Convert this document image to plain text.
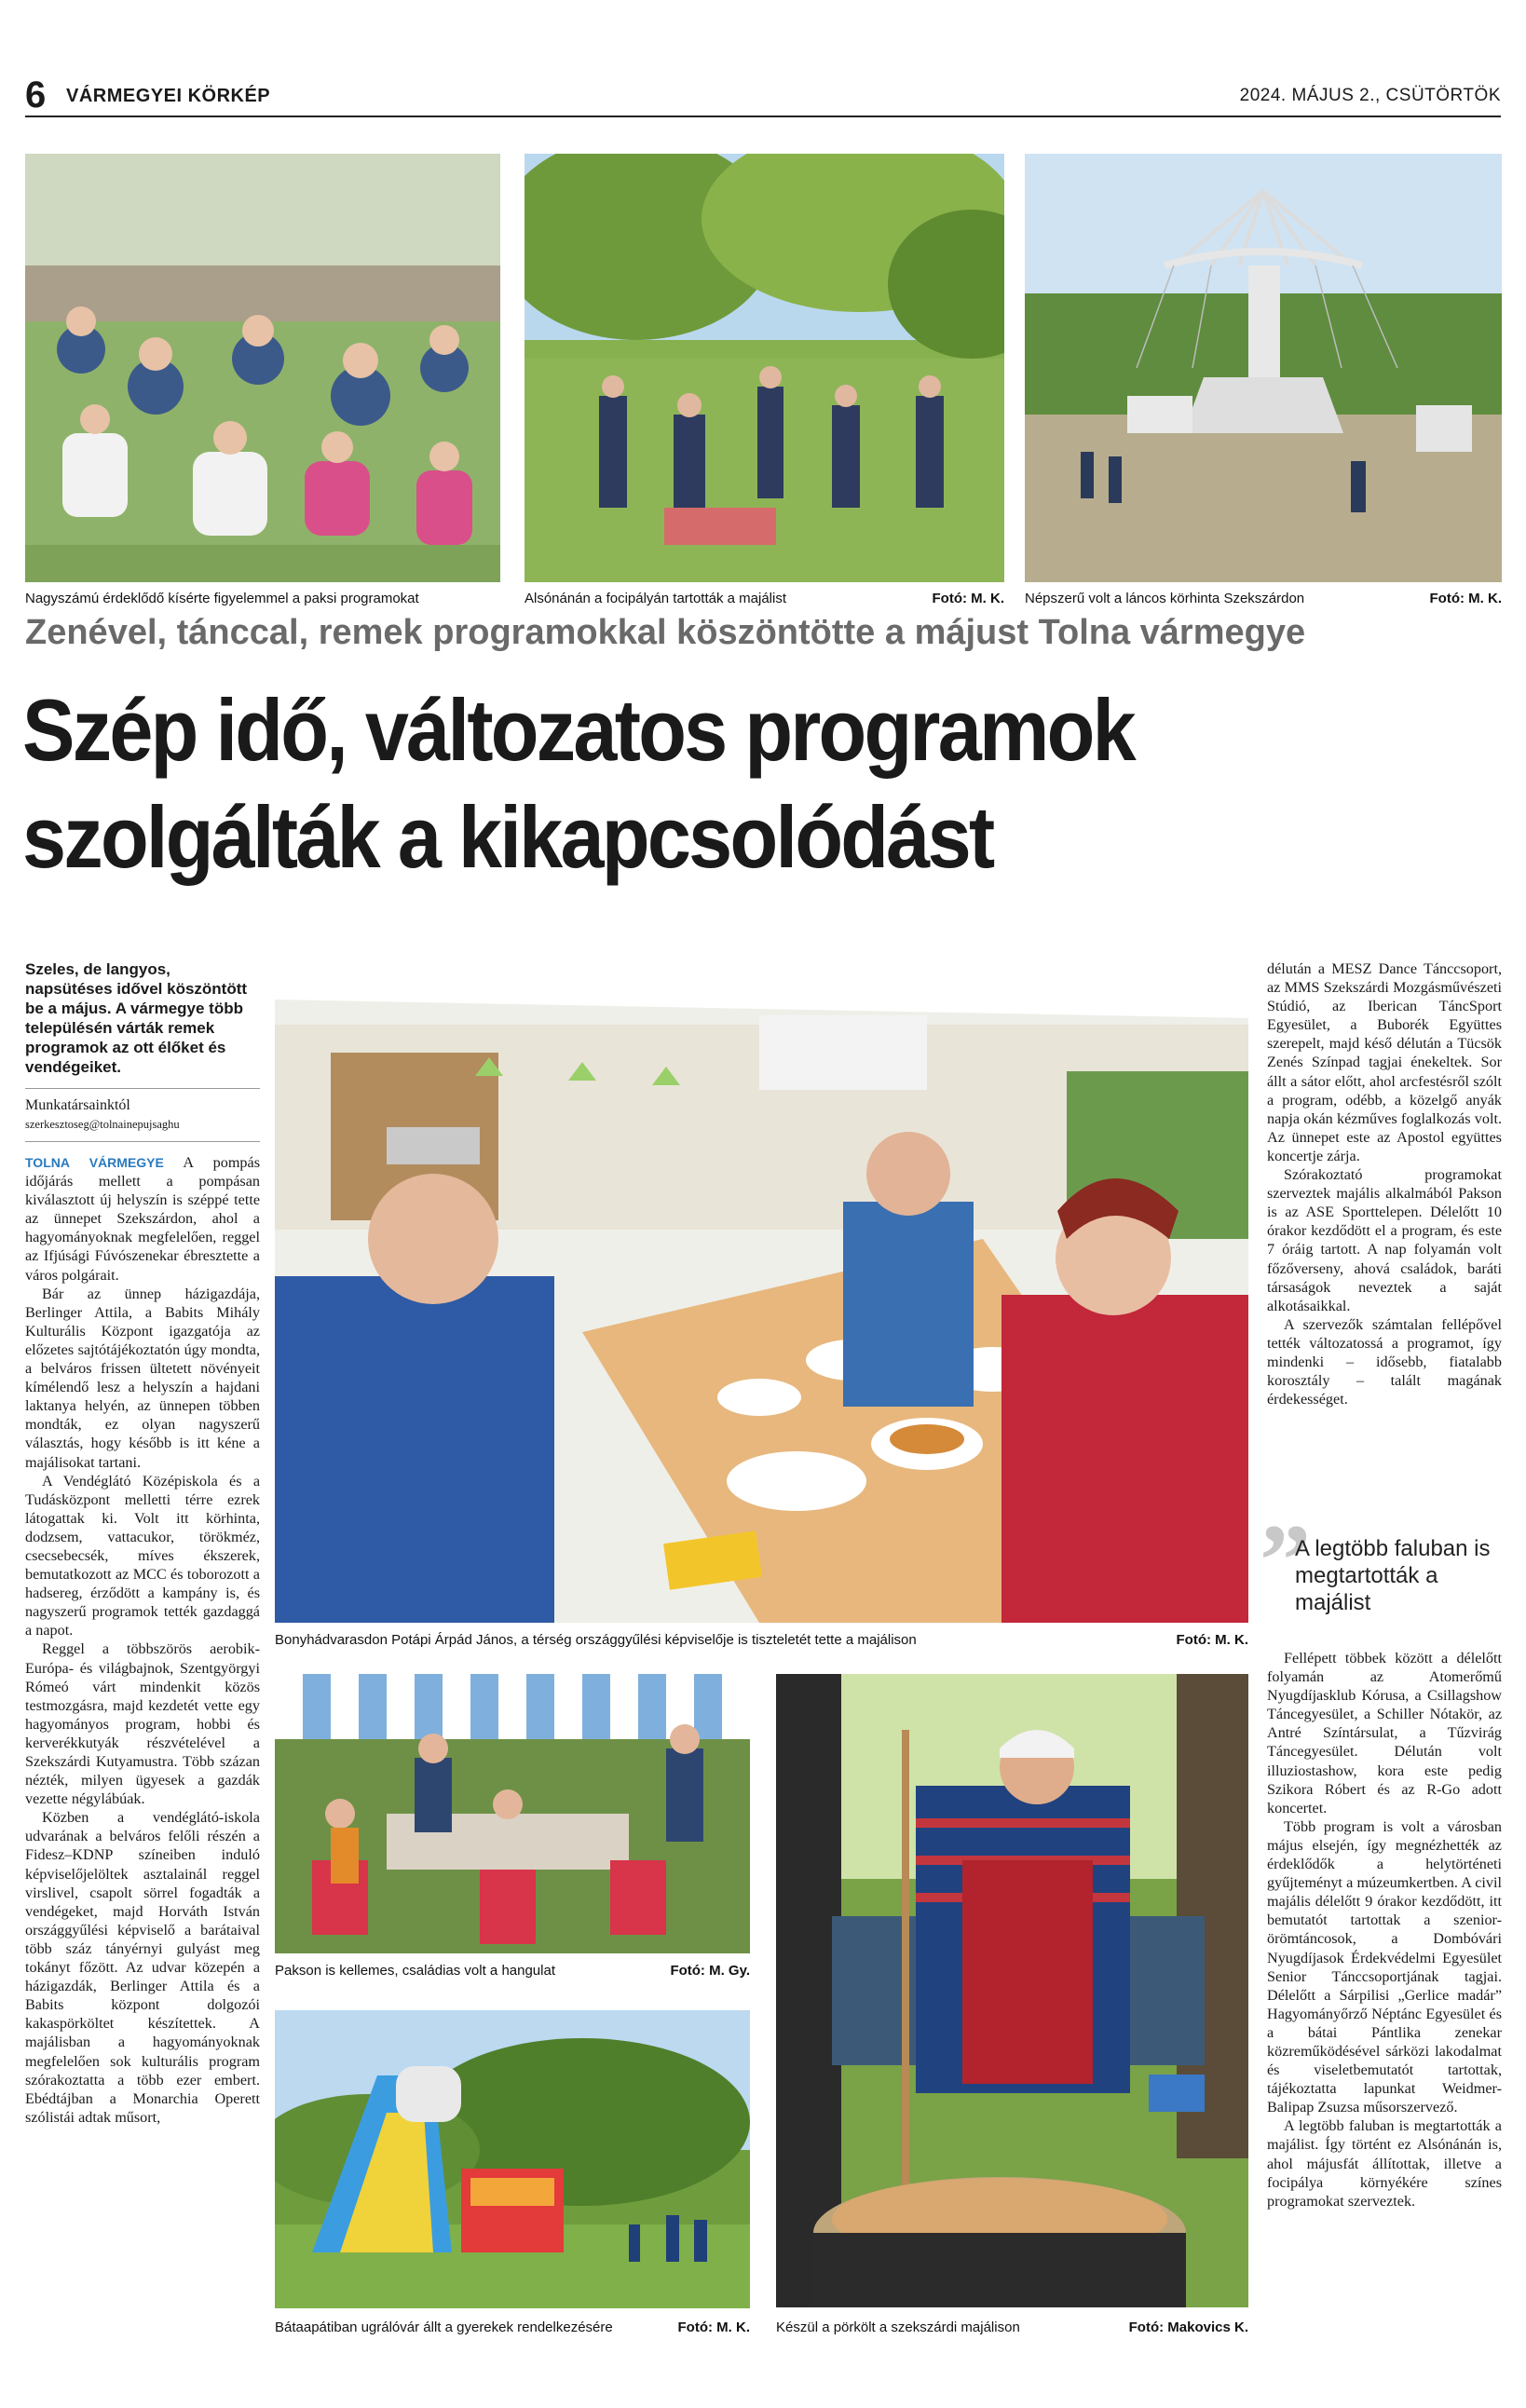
6 VÁRMEGYEI KÖRKÉP	2024. MÁJUS 2., CSÜTÖRTÖK
Nagyszámú érdeklődő kísérte figyelemmel a paksi programokat	Alsónánán a focipályán tartották a majálist	Fotó: M. K. Népszerű volt a láncos körhinta Szekszárdon	Fotó: M. K.
Zenével, tánccal, remek programokkal köszöntötte a májust Tolna vármegye
Szép idő, változatos programok
szolgálták a kikapcsolódást
Szeles, de langyos, napsütéses idővel köszöntött be a május. A vármegye több településén várták remek programok az ott élőket és vendégeiket.
Munkatársainktól
szerkesztoseg@tolnainepujsaghu

TOLNA VÁRMEGYE A pompás időjárás mellett a pompásan kiválasztott új helyszín is széppé tette az ünnepet Szekszárdon, ahol a hagyományoknak megfelelően, reggel az Ifjúsági Fúvószenekar ébresztette a város polgárait.

Bár az ünnep házigazdája, Berlinger Attila, a Babits Mihály Kulturális Központ igazgatója az előzetes sajtótájékoztatón úgy mondta, a belváros frissen ültetett növényeit kímélendő lesz a helyszín a hajdani laktanya helyén, az ünnepen többen mondták, ez olyan nagyszerű választás, hogy később is itt kéne a majálisokat tartani.

A Vendéglátó Középiskola és a Tudásközpont melletti térre ezrek látogattak ki. Volt itt körhinta, dodzsem, vattacukor, törökméz, csecsebecsék, míves ékszerek, bemutatkozott az MCC és toborozott a hadsereg, érződött a kampány is, és nagyszerű programok tették gazdaggá a napot.

Reggel a többszörös aerobik-Európa- és világbajnok, Szentgyörgyi Rómeó várt mindenkit közös testmozgásra, majd kezdetét vette egy hagyományos program, hobbi és kerverékkutyák részvételével a Szekszárdi Kutyamustra. Több százan nézték, milyen ügyesek a gazdák vezette négylábúak.

Közben a vendéglátó-iskola udvarának a belváros felőli részén a Fidesz–KDNP színeiben induló képviselőjelöltek asztalainál reggel virslivel, csapolt sörrel fogadták a vendégeket, majd Horváth István országgyűlési képviselő a barátaival több száz tányérnyi gulyást meg tokányt főzött. Az udvar közepén a házigazdák, Berlinger Attila és a Babits központ dolgozói kakaspörköltet készítettek. A majálisban a hagyományoknak megfelelően sok kulturális program szórakoztatta a több ezer embert. Ebédtájban a Monarchia Operett szólistái adtak műsort,

Bonyhádvarasdon Potápi Árpád János, a térség országgyűlési képviselője is tiszteletét tette a majálison	Fotó: M. K.
Pakson is kellemes, családias volt a hangulat	Fotó: M. Gy.
Bátaapátiban ugrálóvár állt a gyerekek rendelkezésére	Fotó: M. K. Készül a pörkölt a szekszárdi majálison	Fotó: Makovics K.

délután a MESZ Dance Tánccsoport, az MMS Szekszárdi Mozgásművészeti Stúdió, az Iberican TáncSport Egyesület, a Buborék Együttes szerepelt, majd késő délután a Tücsök Zenés Színpad tagjai énekeltek. Sor állt a sátor előtt, ahol arcfestésről szólt a program, odébb, a közelgő anyák napja okán kézműves foglalkozás volt. Az ünnepet este az Apostol együttes koncertje zárja.

Szórakoztató programokat szerveztek majális alkalmából Pakson is az ASE Sporttelepen. Délelőtt 10 órakor kezdődött el a program, és este 7 óráig tartott. A nap folyamán volt főzőverseny, ahová családok, baráti társaságok neveztek a saját alkotásaikkal.

A szervezők számtalan fellépővel tették változatossá a programot, így mindenki – idősebb, fiatalabb korosztály – talált magának érdekességet.

”
A legtöbb faluban is megtartották a majálist

Fellépett többek között a délelőtt folyamán az Atomerőmű Nyugdíjasklub Kórusa, a Csillagshow Táncegyesület, a Schiller Nótakör, az Antré Színtársulat, a Tűzvirág Táncegyesület. Délután volt illuziostashow, kora este pedig Szikora Róbert és az R-Go adott koncertet.

Több program is volt a városban május elsején, így megnézhették az érdeklődők a helytörténeti gyűjteményt a múzeumkertben. A civil majális délelőtt 9 órakor kezdődött, itt bemutatót tartottak a szenior-örömtáncosok, a Dombóvári Nyugdíjasok Érdekvédelmi Egyesület Senior Tánccsoportjának tagjai. Délelőtt a Sárpilisi „Gerlice madár” Hagyományőrző Néptánc Egyesület és a bátai Pántlika zenekar közreműködésével sárközi lakodalmat és viseletbemutatót tartottak, tájékoztatta lapunkat Weidmer-Balipap Zsuzsa műsorszervező.

A legtöbb faluban is megtartották a majálist. Így történt ez Alsónánán is, ahol májusfát állítottak, illetve a focipálya környékére színes programokat szerveztek.
